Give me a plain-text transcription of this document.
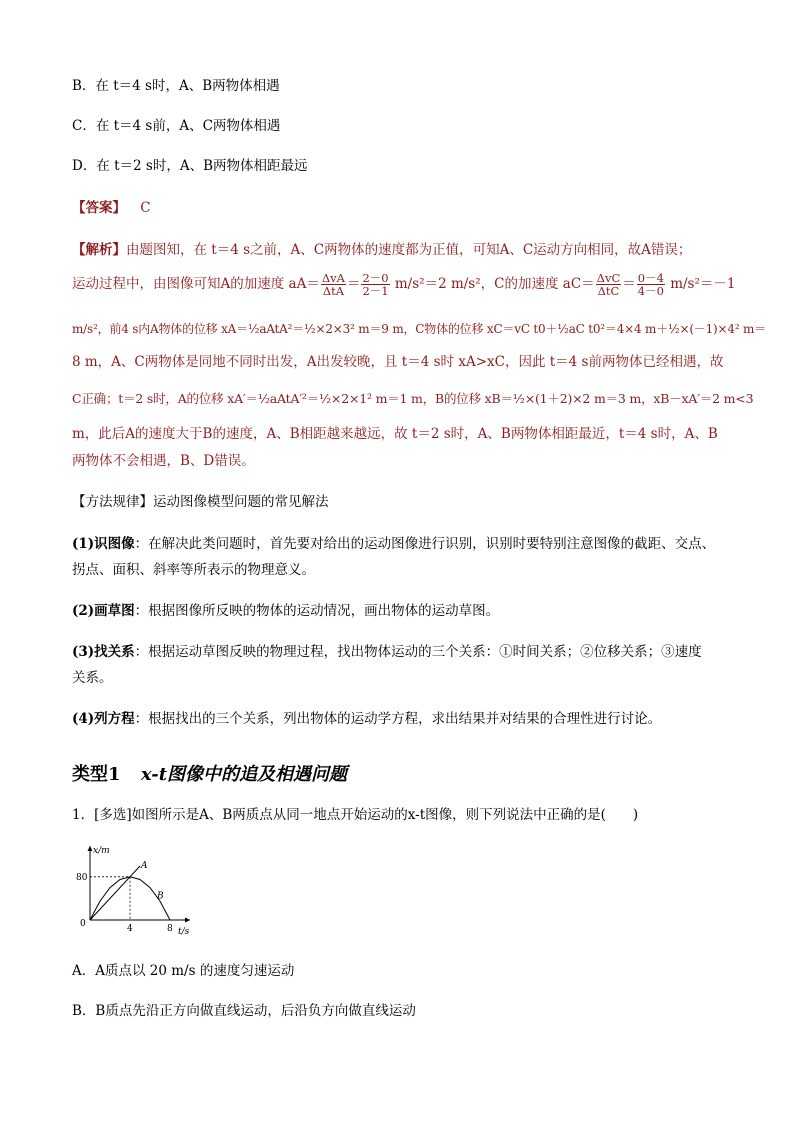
B．在 t＝4 s时，A、B两物体相遇
C．在 t＝4 s前，A、C两物体相遇
D．在 t＝2 s时，A、B两物体相距最远
【答案】 C
【解析】由题图知，在 t＝4 s之前，A、C两物体的速度都为正值，可知A、C运动方向相同，故A错误；
运动过程中，由图像可知A的加速度 $aA= \frac{\text{ΔvA}}{\text{ΔtA}} = \frac{2-0}{2-1} m/s^2=2$ m/s²，C的加速度 $aC= \frac{\text{ΔvC}}{\text{ΔtC}} = \frac{0-4}{4-0} m/s^2=-1$
m/s²，前4 s内A物体的位移 xA＝½aAtA²＝½×2×3² m＝9 m，C物体的位移 xC＝vC t0＋½aC t0²＝4×4 m＋½×(－1)×4² m＝
8 m，A、C两物体是同地不同时出发，A出发较晚，且 t＝4 s时 xA>xC，因此 t＝4 s前两物体已经相遇，故
C正确；t＝2 s时，A的位移 xA′＝½aAtA′²＝½×2×1² m＝1 m，B的位移 xB＝½×(1＋2)×2 m＝3 m，xB－xA′＝2 m<3
m，此后A的速度大于B的速度，A、B相距越来越远，故 t＝2 s时，A、B两物体相距最近，t＝4 s时，A、B
两物体不会相遇，B、D错误。
【方法规律】运动图像模型问题的常见解法
(1)识图像：在解决此类问题时，首先要对给出的运动图像进行识别，识别时要特别注意图像的截距、交点、
拐点、面积、斜率等所表示的物理意义。
(2)画草图：根据图像所反映的物体的运动情况，画出物体的运动草图。
(3)找关系：根据运动草图反映的物理过程，找出物体运动的三个关系：①时间关系；②位移关系；③速度
关系。
(4)列方程：根据找出的三个关系，列出物体的运动学方程，求出结果并对结果的合理性进行讨论。
类型1 x-t图像中的追及相遇问题
1．[多选]如图所示是A、B两质点从同一地点开始运动的x-t图像，则下列说法中正确的是(　　)
x/m
t/s
0	4	8
80
A
B
A．A质点以 20 m/s 的速度匀速运动
B．B质点先沿正方向做直线运动，后沿负方向做直线运动
